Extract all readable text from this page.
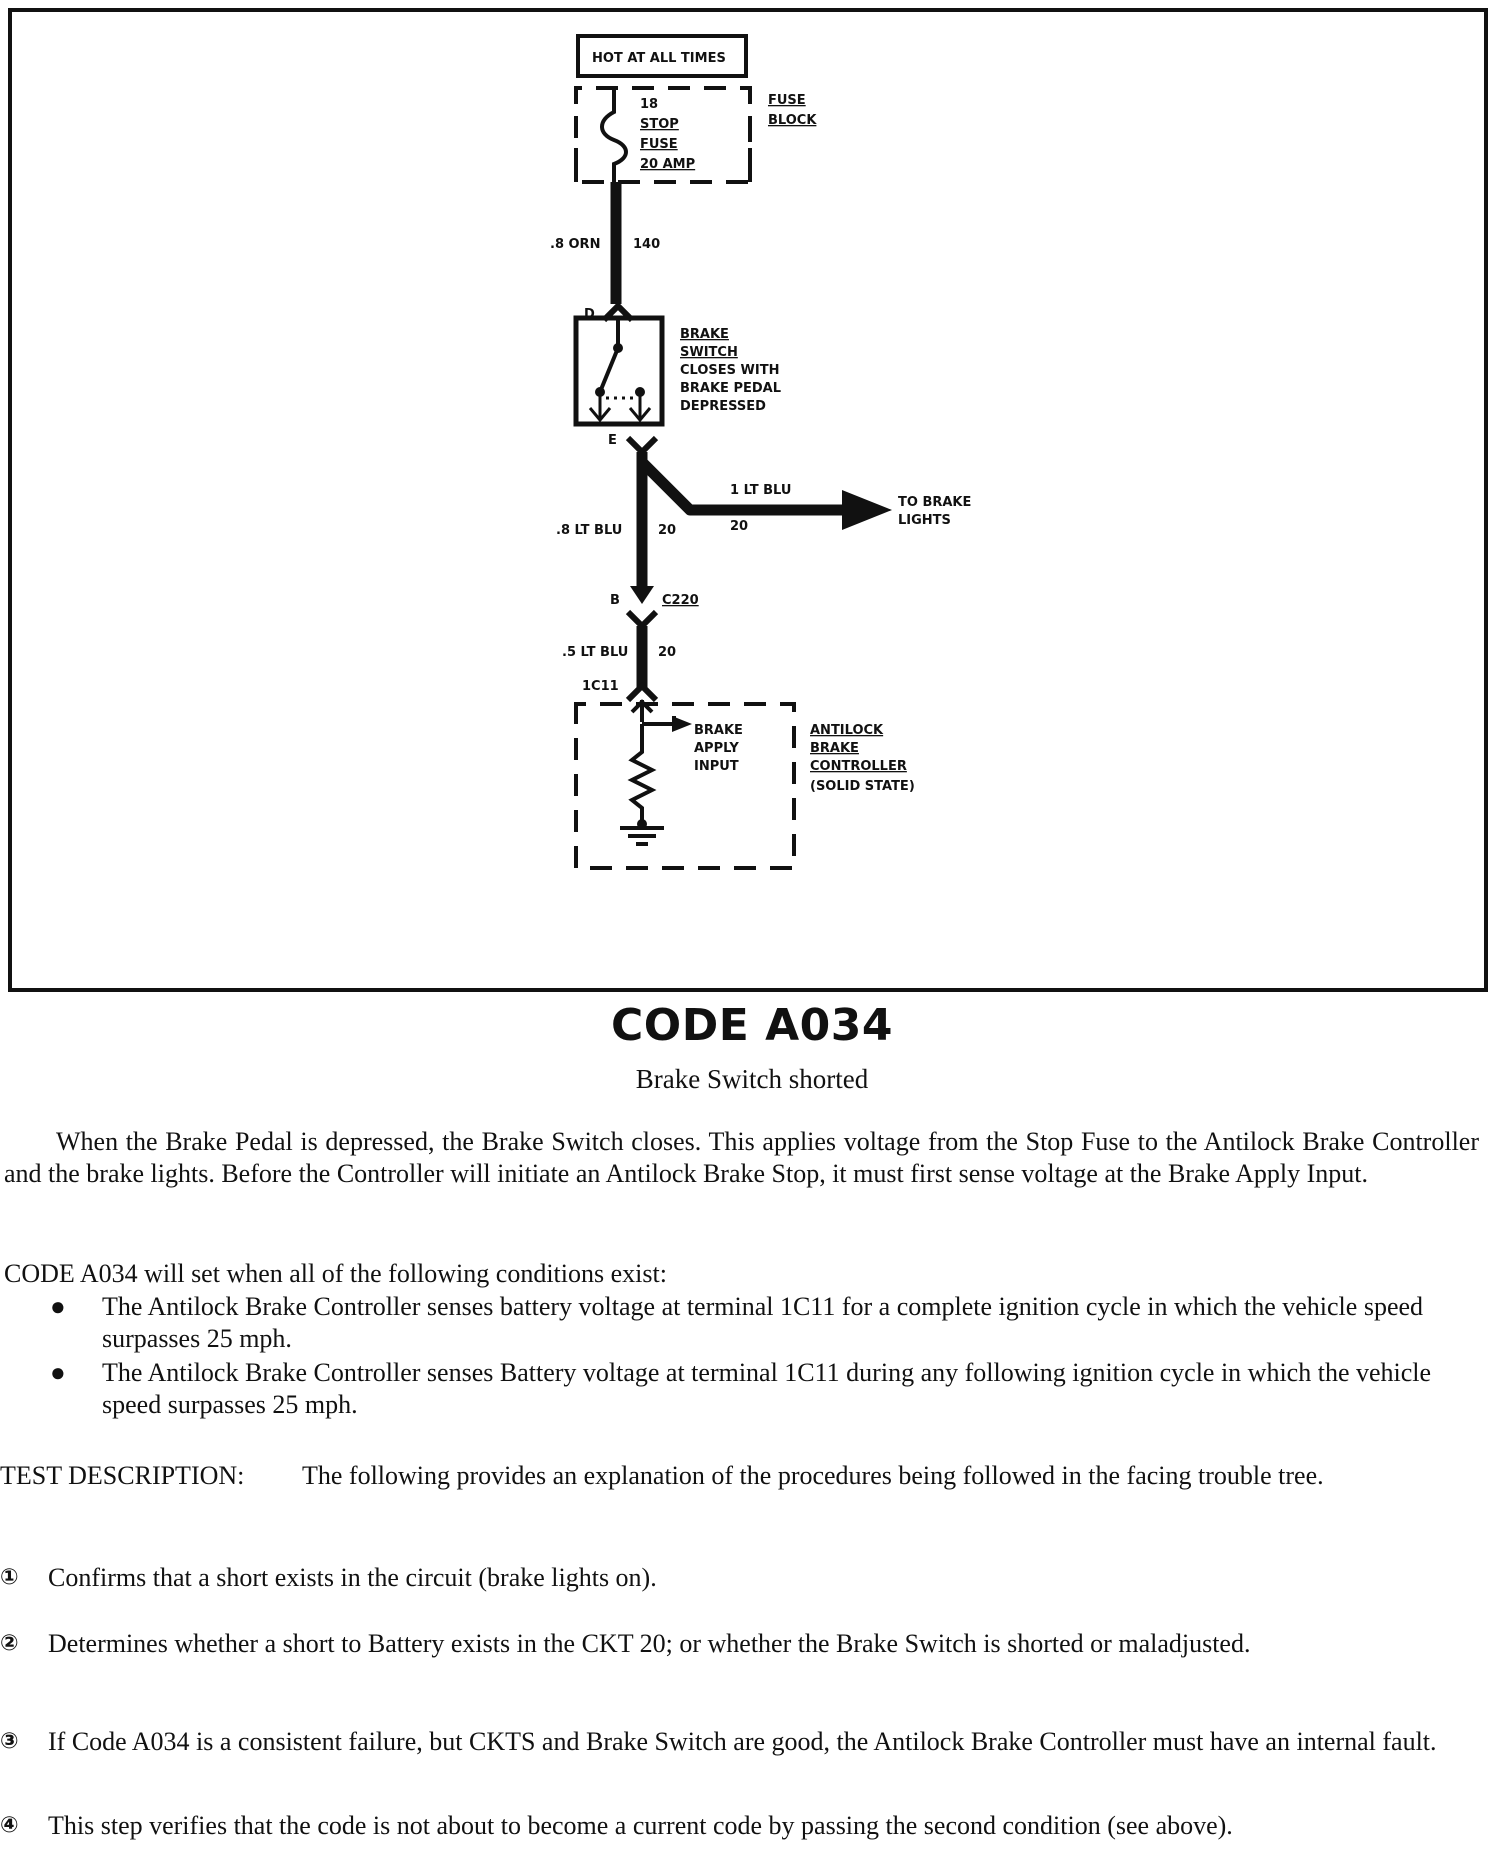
HOT AT ALL TIMES
18
STOP
FUSE
20 AMP
FUSE
BLOCK
.8 ORN	140
D
BRAKE
SWITCH
CLOSES WITH
BRAKE PEDAL
DEPRESSED
E
1 LT BLU
20
TO BRAKE
LIGHTS
.8 LT BLU	20
B	C220
.5 LT BLU 20
1C11
BRAKE
APPLY
INPUT
ANTILOCK
BRAKE
CONTROLLER
(SOLID STATE)
CODE A034
Brake Switch shorted
When the Brake Pedal is depressed, the Brake Switch closes. This applies voltage from the Stop Fuse to the Antilock Brake Controller and the brake lights. Before the Controller will initiate an Antilock Brake Stop, it must first sense voltage at the Brake Apply Input.
CODE A034 will set when all of the following conditions exist:
● The Antilock Brake Controller senses battery voltage at terminal 1C11 for a complete ignition cycle in which the vehicle speed surpasses 25 mph.
● The Antilock Brake Controller senses Battery voltage at terminal 1C11 during any following ignition cycle in which the vehicle speed surpasses 25 mph.
TEST DESCRIPTION:	The following provides an explanation of the procedures being followed in the facing trouble tree.
① Confirms that a short exists in the circuit (brake lights on).
② Determines whether a short to Battery exists in the CKT 20; or whether the Brake Switch is shorted or maladjusted.
③ If Code A034 is a consistent failure, but CKTS and Brake Switch are good, the Antilock Brake Controller must have an internal fault.
④ This step verifies that the code is not about to become a current code by passing the second condition (see above).
